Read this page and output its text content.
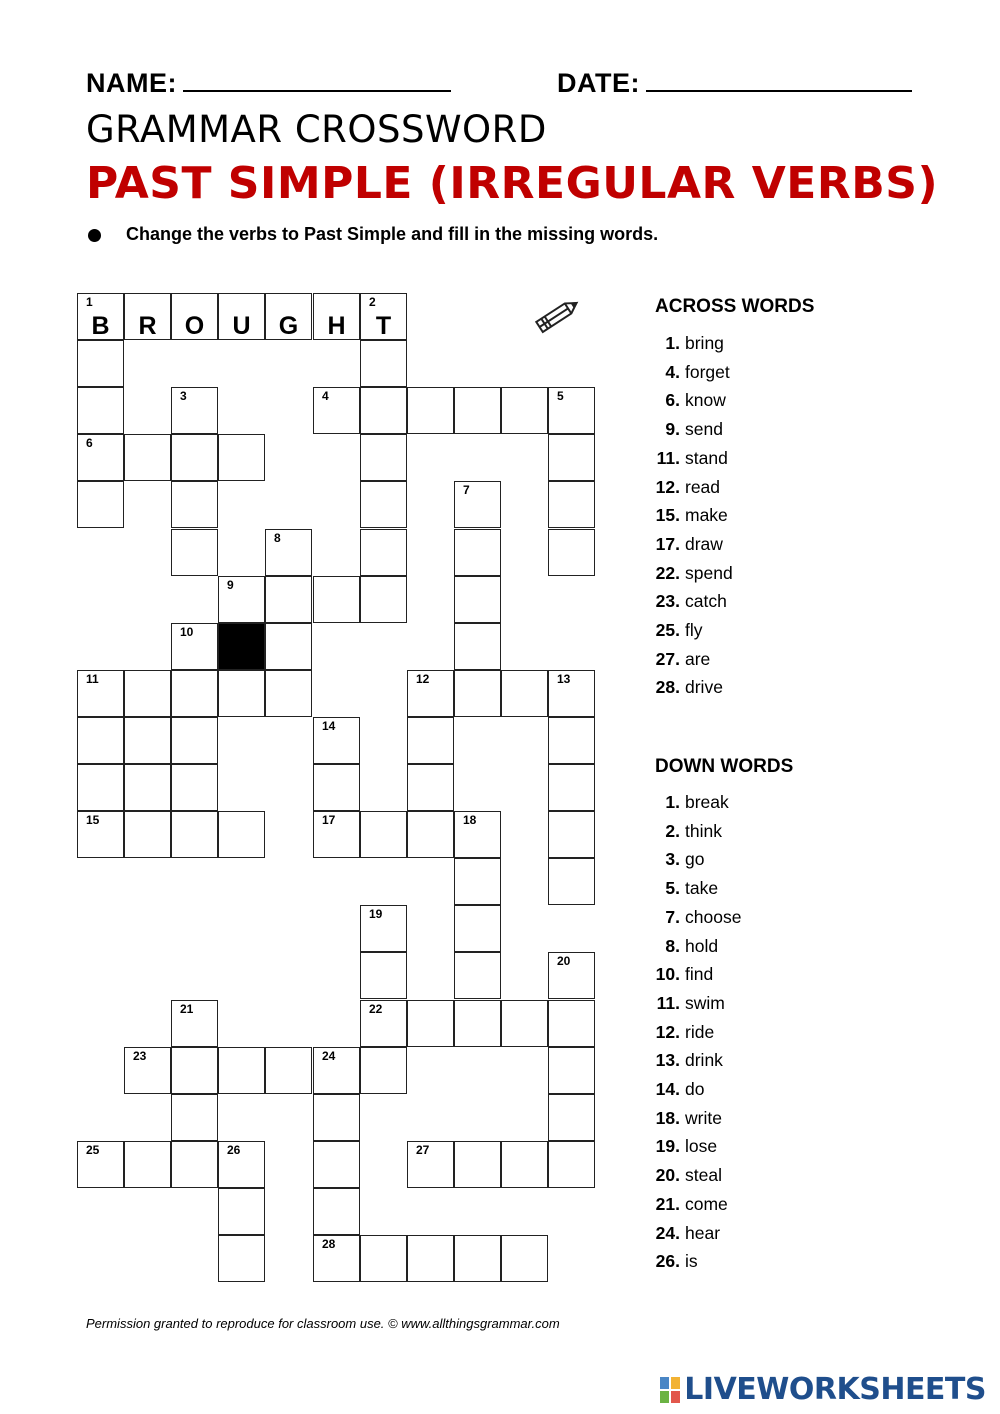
NAME:	DATE:
GRAMMAR CROSSWORD
PAST SIMPLE (IRREGULAR VERBS)
Change the verbs to Past Simple and fill in the missing words.
1
B	R	O	U	G	H
2
T
3	4	5
6
7
8
9
10
11	12	13
14
15	17	18
19
20
21	22
23	24
25	26	27
28
ACROSS WORDS
1. bring
4. forget
6. know
9. send
11. stand
12. read
15. make
17. draw
22. spend
23. catch
25. fly
27. are
28. drive
DOWN WORDS
1. break
2. think
3. go
5. take
7. choose
8. hold
10. find
11. swim
12. ride
13. drink
14. do
18. write
19. lose
20. steal
21. come
24. hear
26. is
Permission granted to reproduce for classroom use. © www.allthingsgrammar.com
LIVEWORKSHEETS
